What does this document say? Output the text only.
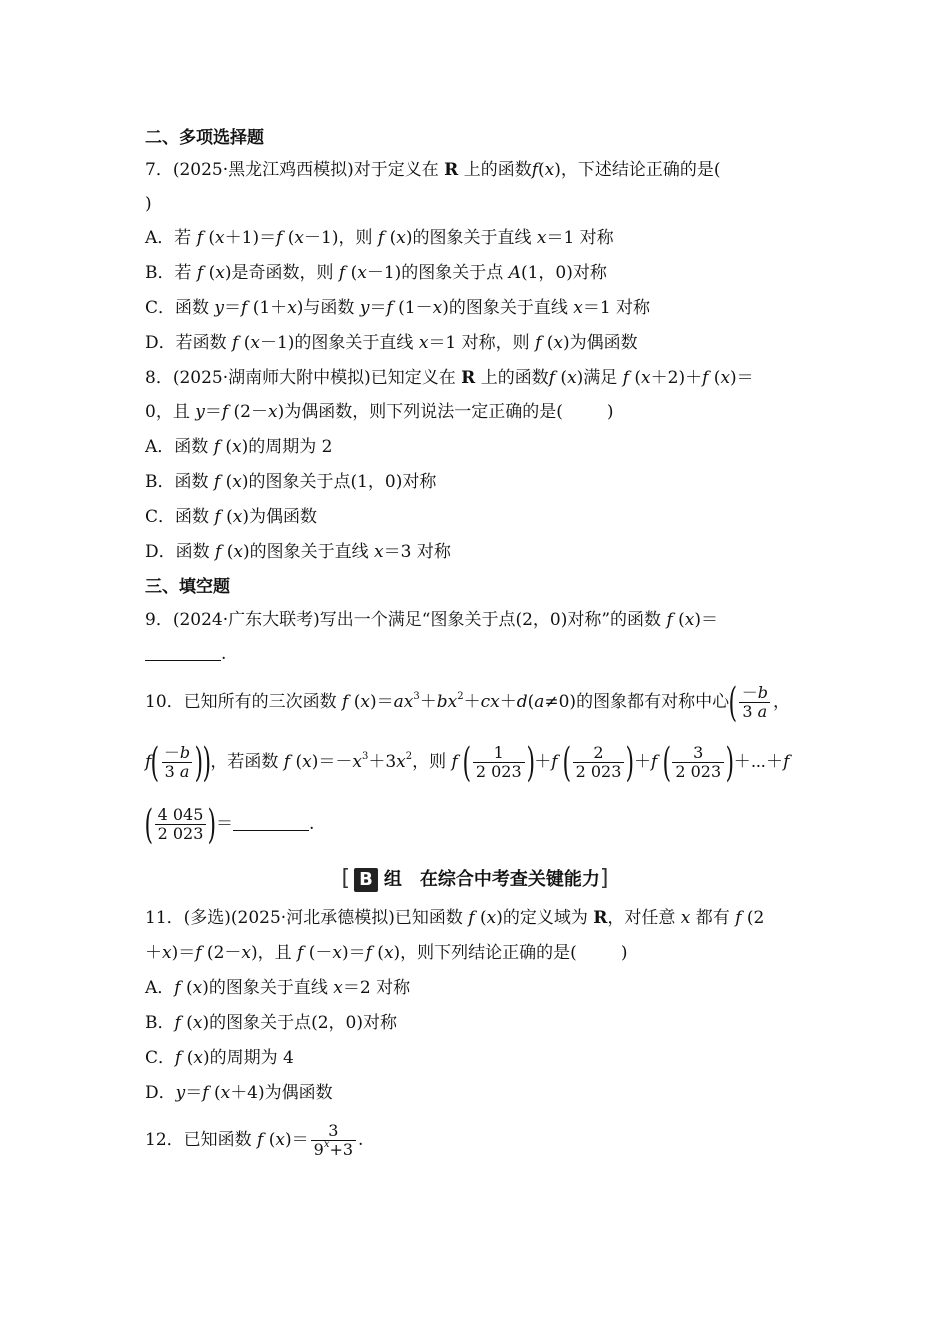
二、多项选择题
7．(2025·黑龙江鸡西模拟)对于定义在 R 上的函数f(x)，下述结论正确的是(
)
A．若 f (x＋1)＝f (x－1)，则 f (x)的图象关于直线 x＝1 对称
B．若 f (x)是奇函数，则 f (x－1)的图象关于点 A(1，0)对称
C．函数 y＝f (1＋x)与函数 y＝f (1－x)的图象关于直线 x＝1 对称
D．若函数 f (x－1)的图象关于直线 x＝1 对称，则 f (x)为偶函数
8．(2025·湖南师大附中模拟)已知定义在 R 上的函数f (x)满足 f (x＋2)＋f (x)＝
0，且 y＝f (2－x)为偶函数，则下列说法一定正确的是(	)
A．函数 f (x)的周期为 2
B．函数 f (x)的图象关于点(1，0)对称
C．函数 f (x)为偶函数
D．函数 f (x)的图象关于直线 x＝3 对称
三、填空题
9．(2024·广东大联考)写出一个满足“图象关于点(2，0)对称”的函数 f (x)＝
.
10．已知所有的三次函数 f $(x)=ax^3+bx^2+cx+d(a\ne 0)$的图象都有对称中心( $\frac{-b}{3 a}$ ，
$f( \frac{-b}{3 a}$ ))，若函数 f $(x)=-x^3+3x^2$，则 f ( $\frac{1}{2 023} )+f$ ( $\frac{2}{2 023} )+f$ ( $\frac{3}{2 023}$ )＋⋯＋f
( $\frac{4 045}{2 023}$ )＝	.
[ B 组　在综合中考查关键能力]
11．(多选)(2025·河北承德模拟)已知函数 f (x)的定义域为 R，对任意 x 都有 f (2
＋x)＝f (2－x)，且 f (－x)＝f (x)，则下列结论正确的是(	)
A．f (x)的图象关于直线 x＝2 对称
B．f (x)的图象关于点(2，0)对称
C．f (x)的周期为 4
D．y＝f (x＋4)为偶函数
12．已知函数 f $(x)= \frac{3}{9^x+3}$ .
